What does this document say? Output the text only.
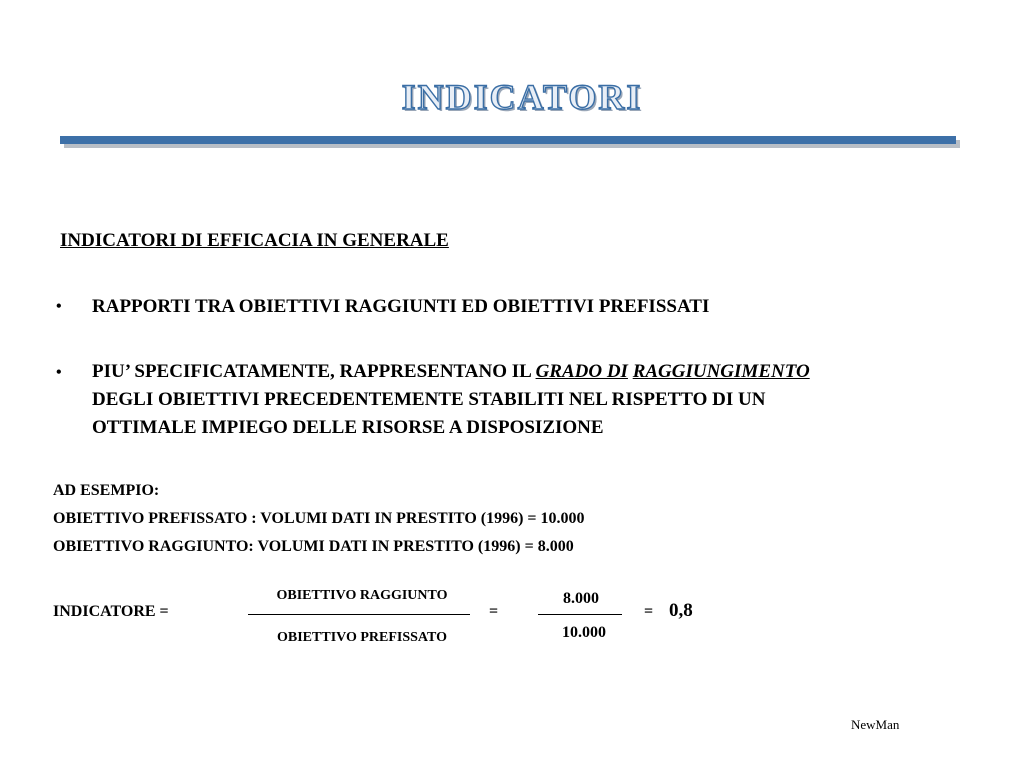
INDICATORI
INDICATORI DI EFFICACIA IN GENERALE
• RAPPORTI TRA OBIETTIVI RAGGIUNTI ED OBIETTIVI PREFISSATI
• PIU’ SPECIFICATAMENTE, RAPPRESENTANO IL GRADO DI RAGGIUNGIMENTO
DEGLI OBIETTIVI PRECEDENTEMENTE STABILITI NEL RISPETTO DI UN
OTTIMALE IMPIEGO DELLE RISORSE A DISPOSIZIONE
AD ESEMPIO:
OBIETTIVO PREFISSATO : VOLUMI DATI IN PRESTITO (1996) = 10.000
OBIETTIVO RAGGIUNTO: VOLUMI DATI IN PRESTITO (1996) = 8.000
INDICATORE =
OBIETTIVO RAGGIUNTO
OBIETTIVO PREFISSATO
=
8.000
10.000
= 0,8
NewMan
